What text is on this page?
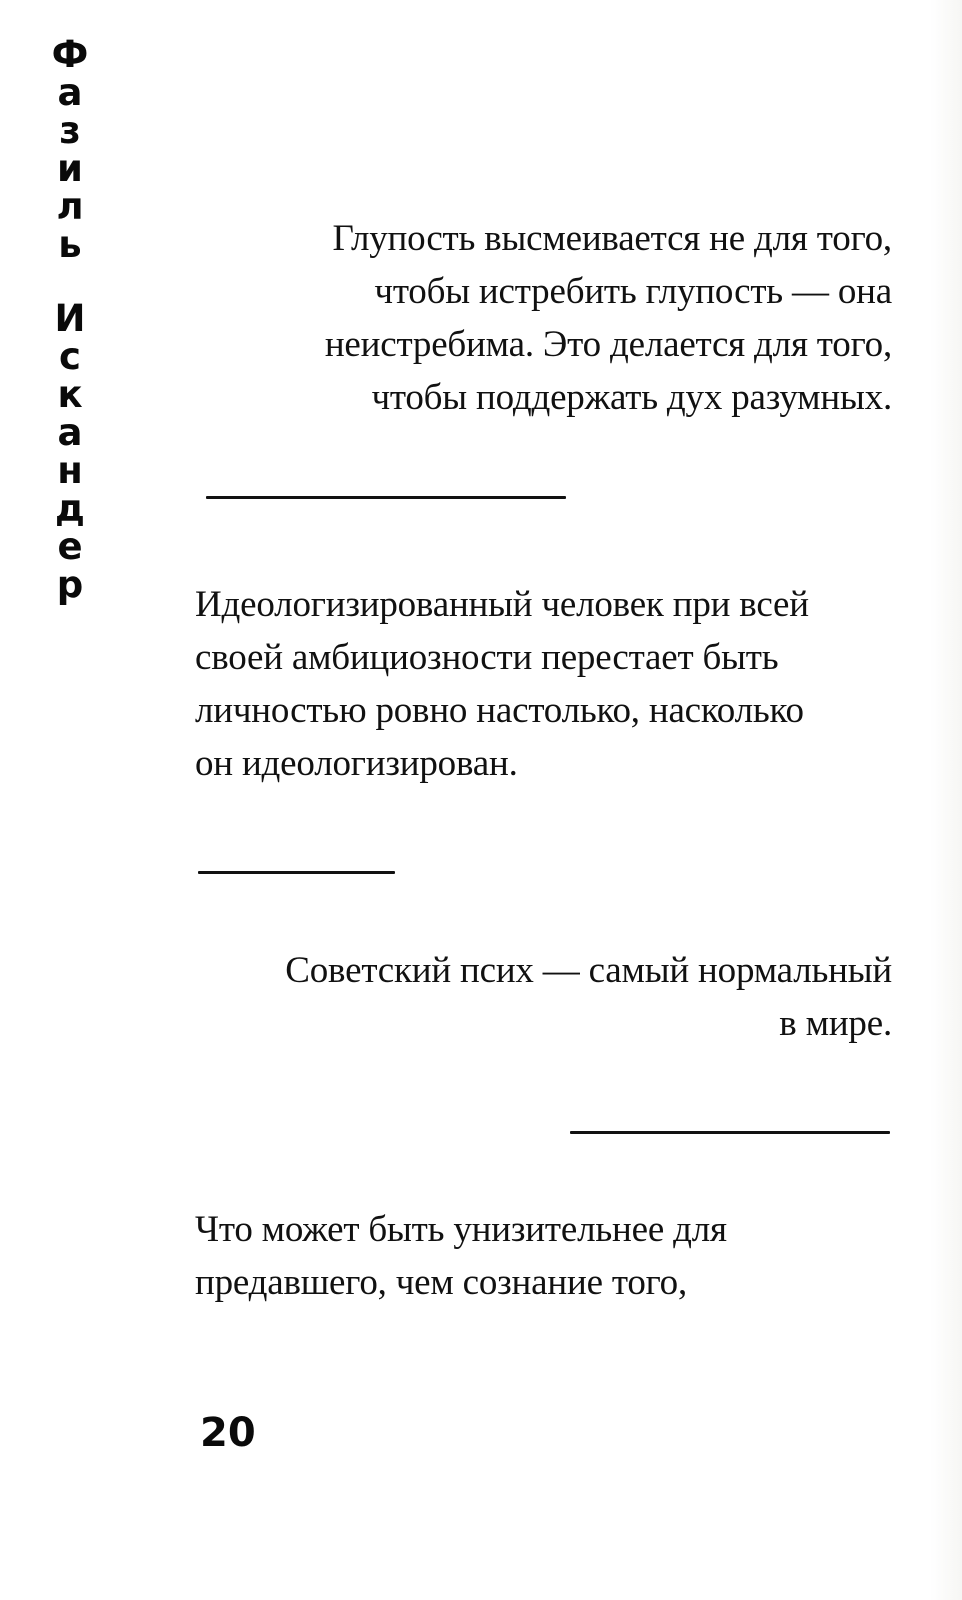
Ф
а
з
и
л
ь
И
с
к
а
н
д
е
р
Глупость высмеивается не для того,
чтобы истребить глупость — она
неистребима. Это делается для того,
чтобы поддержать дух разумных.
Идеологизированный человек при всей
своей амбициозности перестает быть
личностью ровно настолько, насколько
он идеологизирован.
Советский псих — самый нормальный
в мире.
Что может быть унизительнее для
предавшего, чем сознание того,
20
